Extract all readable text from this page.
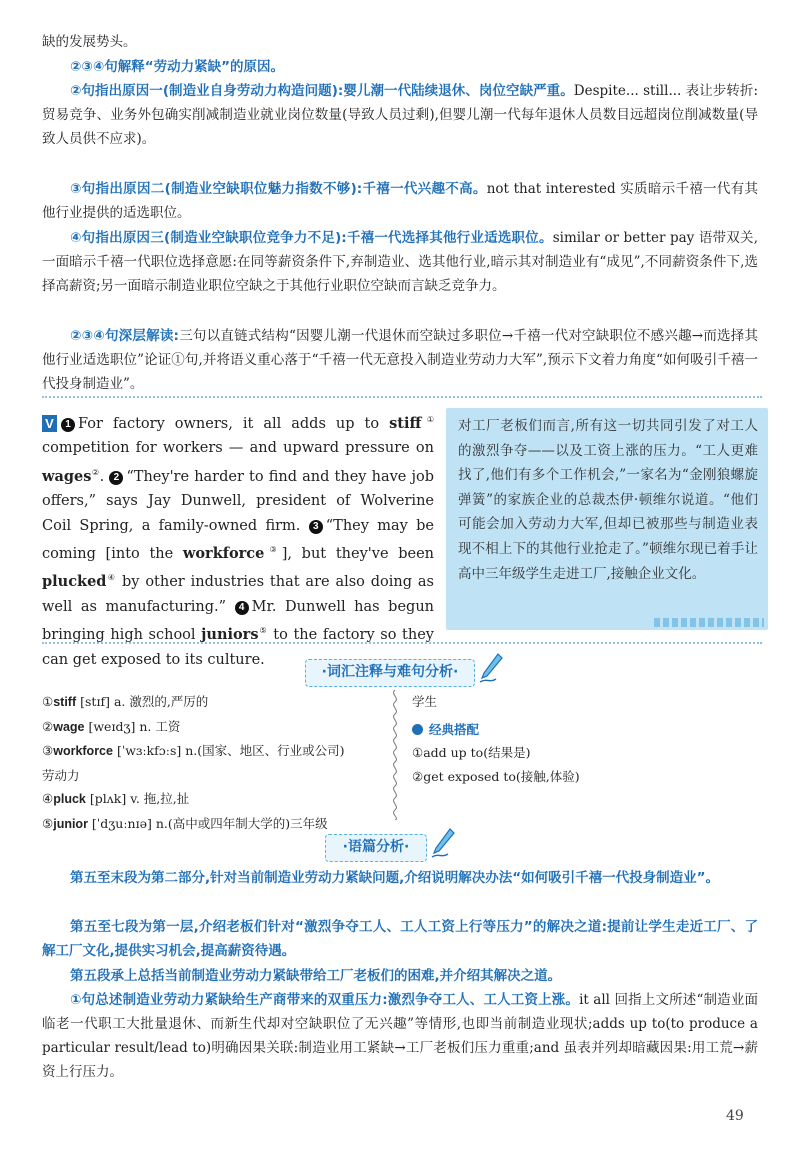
缺的发展势头。
②③④句解释“劳动力紧缺”的原因。
②句指出原因一(制造业自身劳动力构造问题):婴儿潮一代陆续退休、岗位空缺严重。Despite... still... 表让步转折:贸易竞争、业务外包确实削减制造业就业岗位数量(导致人员过剩),但婴儿潮一代每年退休人员数目远超岗位削减数量(导致人员供不应求)。
③句指出原因二(制造业空缺职位魅力指数不够):千禧一代兴趣不高。not that interested 实质暗示千禧一代有其他行业提供的适选职位。
④句指出原因三(制造业空缺职位竞争力不足):千禧一代选择其他行业适选职位。similar or better pay 语带双关,一面暗示千禧一代职位选择意愿:在同等薪资条件下,弃制造业、选其他行业,暗示其对制造业有“成见”,不同薪资条件下,选择高薪资;另一面暗示制造业职位空缺之于其他行业职位空缺而言缺乏竞争力。
②③④句深层解读:三句以直链式结构“因婴儿潮一代退休而空缺过多职位→千禧一代对空缺职位不感兴趣→而选择其他行业适选职位”论证①句,并将语义重心落于“千禧一代无意投入制造业劳动力大军”,预示下文着力角度“如何吸引千禧一代投身制造业”。
V 1 For factory owners, it all adds up to stiff① competition for workers — and upward pressure on wages②. 2 “They're harder to find and they have job offers,” says Jay Dunwell, president of Wolverine Coil Spring, a family-owned firm. 3 “They may be coming [into the workforce③], but they've been plucked④ by other industries that are also doing as well as manufacturing.” 4 Mr. Dunwell has begun bringing high school juniors⑤ to the factory so they can get exposed to its culture.
对工厂老板们而言,所有这一切共同引发了对工人的激烈争夺——以及工资上涨的压力。“工人更难找了,他们有多个工作机会,”一家名为“金刚狼螺旋弹簧”的家族企业的总裁杰伊·顿维尔说道。“他们可能会加入劳动力大军,但却已被那些与制造业表现不相上下的其他行业抢走了。”顿维尔现已着手让高中三年级学生走进工厂,接触企业文化。
·词汇注释与难句分析·
①stiff [stɪf] a. 激烈的,严厉的
②wage [weɪdʒ] n. 工资
③workforce [ˈwɜːkfɔːs] n.(国家、地区、行业或公司)
劳动力
④pluck [plʌk] v. 拖,拉,扯
⑤junior [ˈdʒuːnɪə] n.(高中或四年制大学的)三年级
学生
经典搭配
①add up to(结果是)
②get exposed to(接触,体验)
·语篇分析·
第五至末段为第二部分,针对当前制造业劳动力紧缺问题,介绍说明解决办法“如何吸引千禧一代投身制造业”。
第五至七段为第一层,介绍老板们针对“激烈争夺工人、工人工资上行等压力”的解决之道:提前让学生走近工厂、了解工厂文化,提供实习机会,提高薪资待遇。
第五段承上总括当前制造业劳动力紧缺带给工厂老板们的困难,并介绍其解决之道。
①句总述制造业劳动力紧缺给生产商带来的双重压力:激烈争夺工人、工人工资上涨。it all 回指上文所述“制造业面临老一代职工大批量退休、而新生代却对空缺职位了无兴趣”等情形,也即当前制造业现状;adds up to(to produce a particular result/lead to)明确因果关联:制造业用工紧缺→工厂老板们压力重重;and 虽表并列却暗藏因果:用工荒→薪资上行压力。
49
